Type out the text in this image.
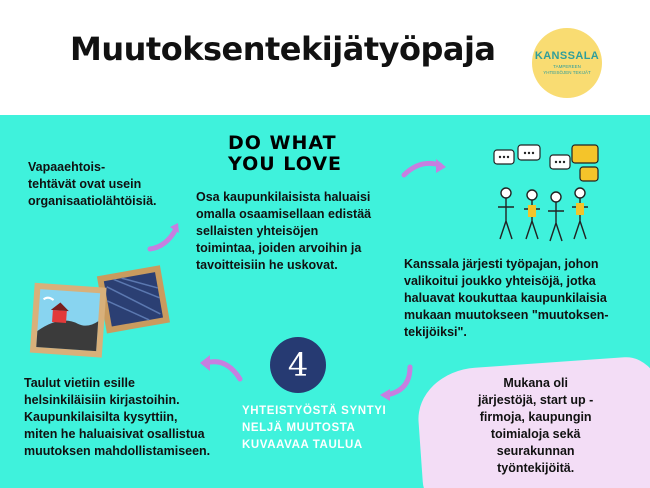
Muutoksentekijätyöpaja	KANSSALA
TAMPEREEN YHTEISÖJEN TEKIJÄT
DO WHAT
YOU LOVE
Vapaaehtois-
tehtävät ovat usein
organisaatiolähtöisiä.	Osa kaupunkilaisista haluaisi
omalla osaamisellaan edistää
sellaisten yhteisöjen
toimintaa, joiden arvoihin ja
tavoitteisiin he uskovat.	Kanssala järjesti työpajan, johon
valikoitui joukko yhteisöjä, jotka
haluavat koukuttaa kaupunkilaisia
mukaan muutokseen "muutoksen-
tekijöiksi".
Mukana oli
järjestöjä, start up -
firmoja, kaupungin
toimialoja sekä
seurakunnan
työntekijöitä.
Taulut vietiin esille
helsinkiläisiin kirjastoihin.
Kaupunkilaisilta kysyttiin,
miten he haluaisivat osallistua
muutoksen mahdollistamiseen.
4
YHTEISTYÖSTÄ SYNTYI
NELJÄ MUUTOSTA
KUVAAVAA TAULUA
